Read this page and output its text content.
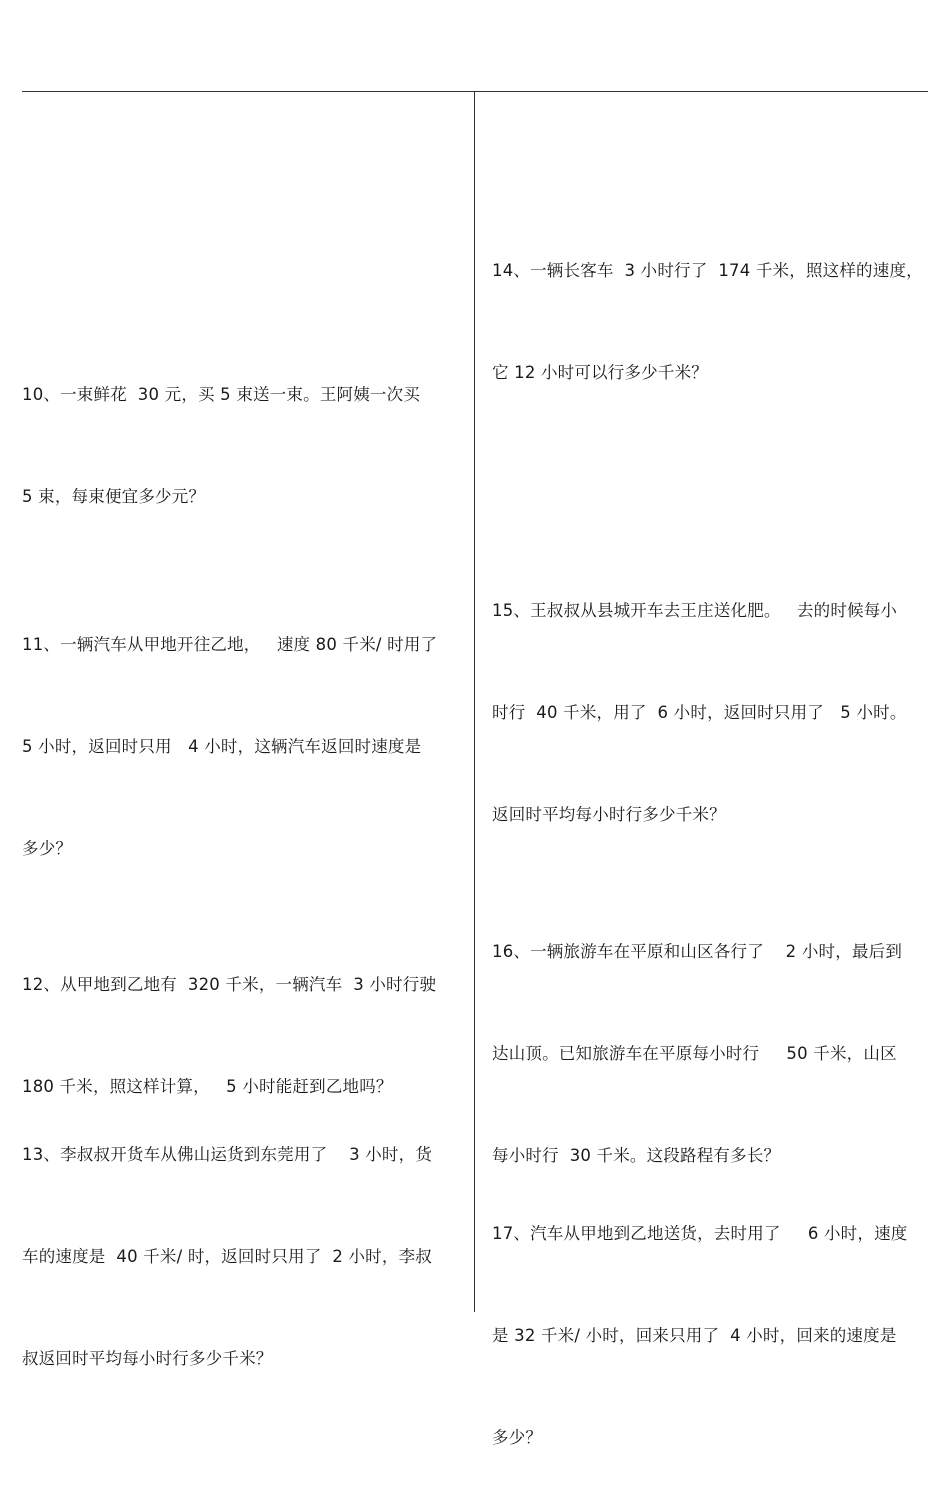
10、一束鲜花  30 元，买 5 束送一束。王阿姨一次买

5 束，每束便宜多少元？

11、一辆汽车从甲地开往乙地，   速度 80 千米/ 时用了

5 小时，返回时只用   4 小时，这辆汽车返回时速度是

多少？

12、从甲地到乙地有  320 千米，一辆汽车  3 小时行驶

180 千米，照这样计算，   5 小时能赶到乙地吗？

13、李叔叔开货车从佛山运货到东莞用了    3 小时，货

车的速度是  40 千米/ 时，返回时只用了  2 小时，李叔

叔返回时平均每小时行多少千米？

14、一辆长客车  3 小时行了  174 千米，照这样的速度，

它 12 小时可以行多少千米？

15、王叔叔从县城开车去王庄送化肥。   去的时候每小

时行  40 千米，用了  6 小时，返回时只用了   5 小时。

返回时平均每小时行多少千米？

16、一辆旅游车在平原和山区各行了    2 小时，最后到

达山顶。已知旅游车在平原每小时行     50 千米，山区

每小时行  30 千米。这段路程有多长？

17、汽车从甲地到乙地送货，去时用了     6 小时，速度

是 32 千米/ 小时，回来只用了  4 小时，回来的速度是

多少？
